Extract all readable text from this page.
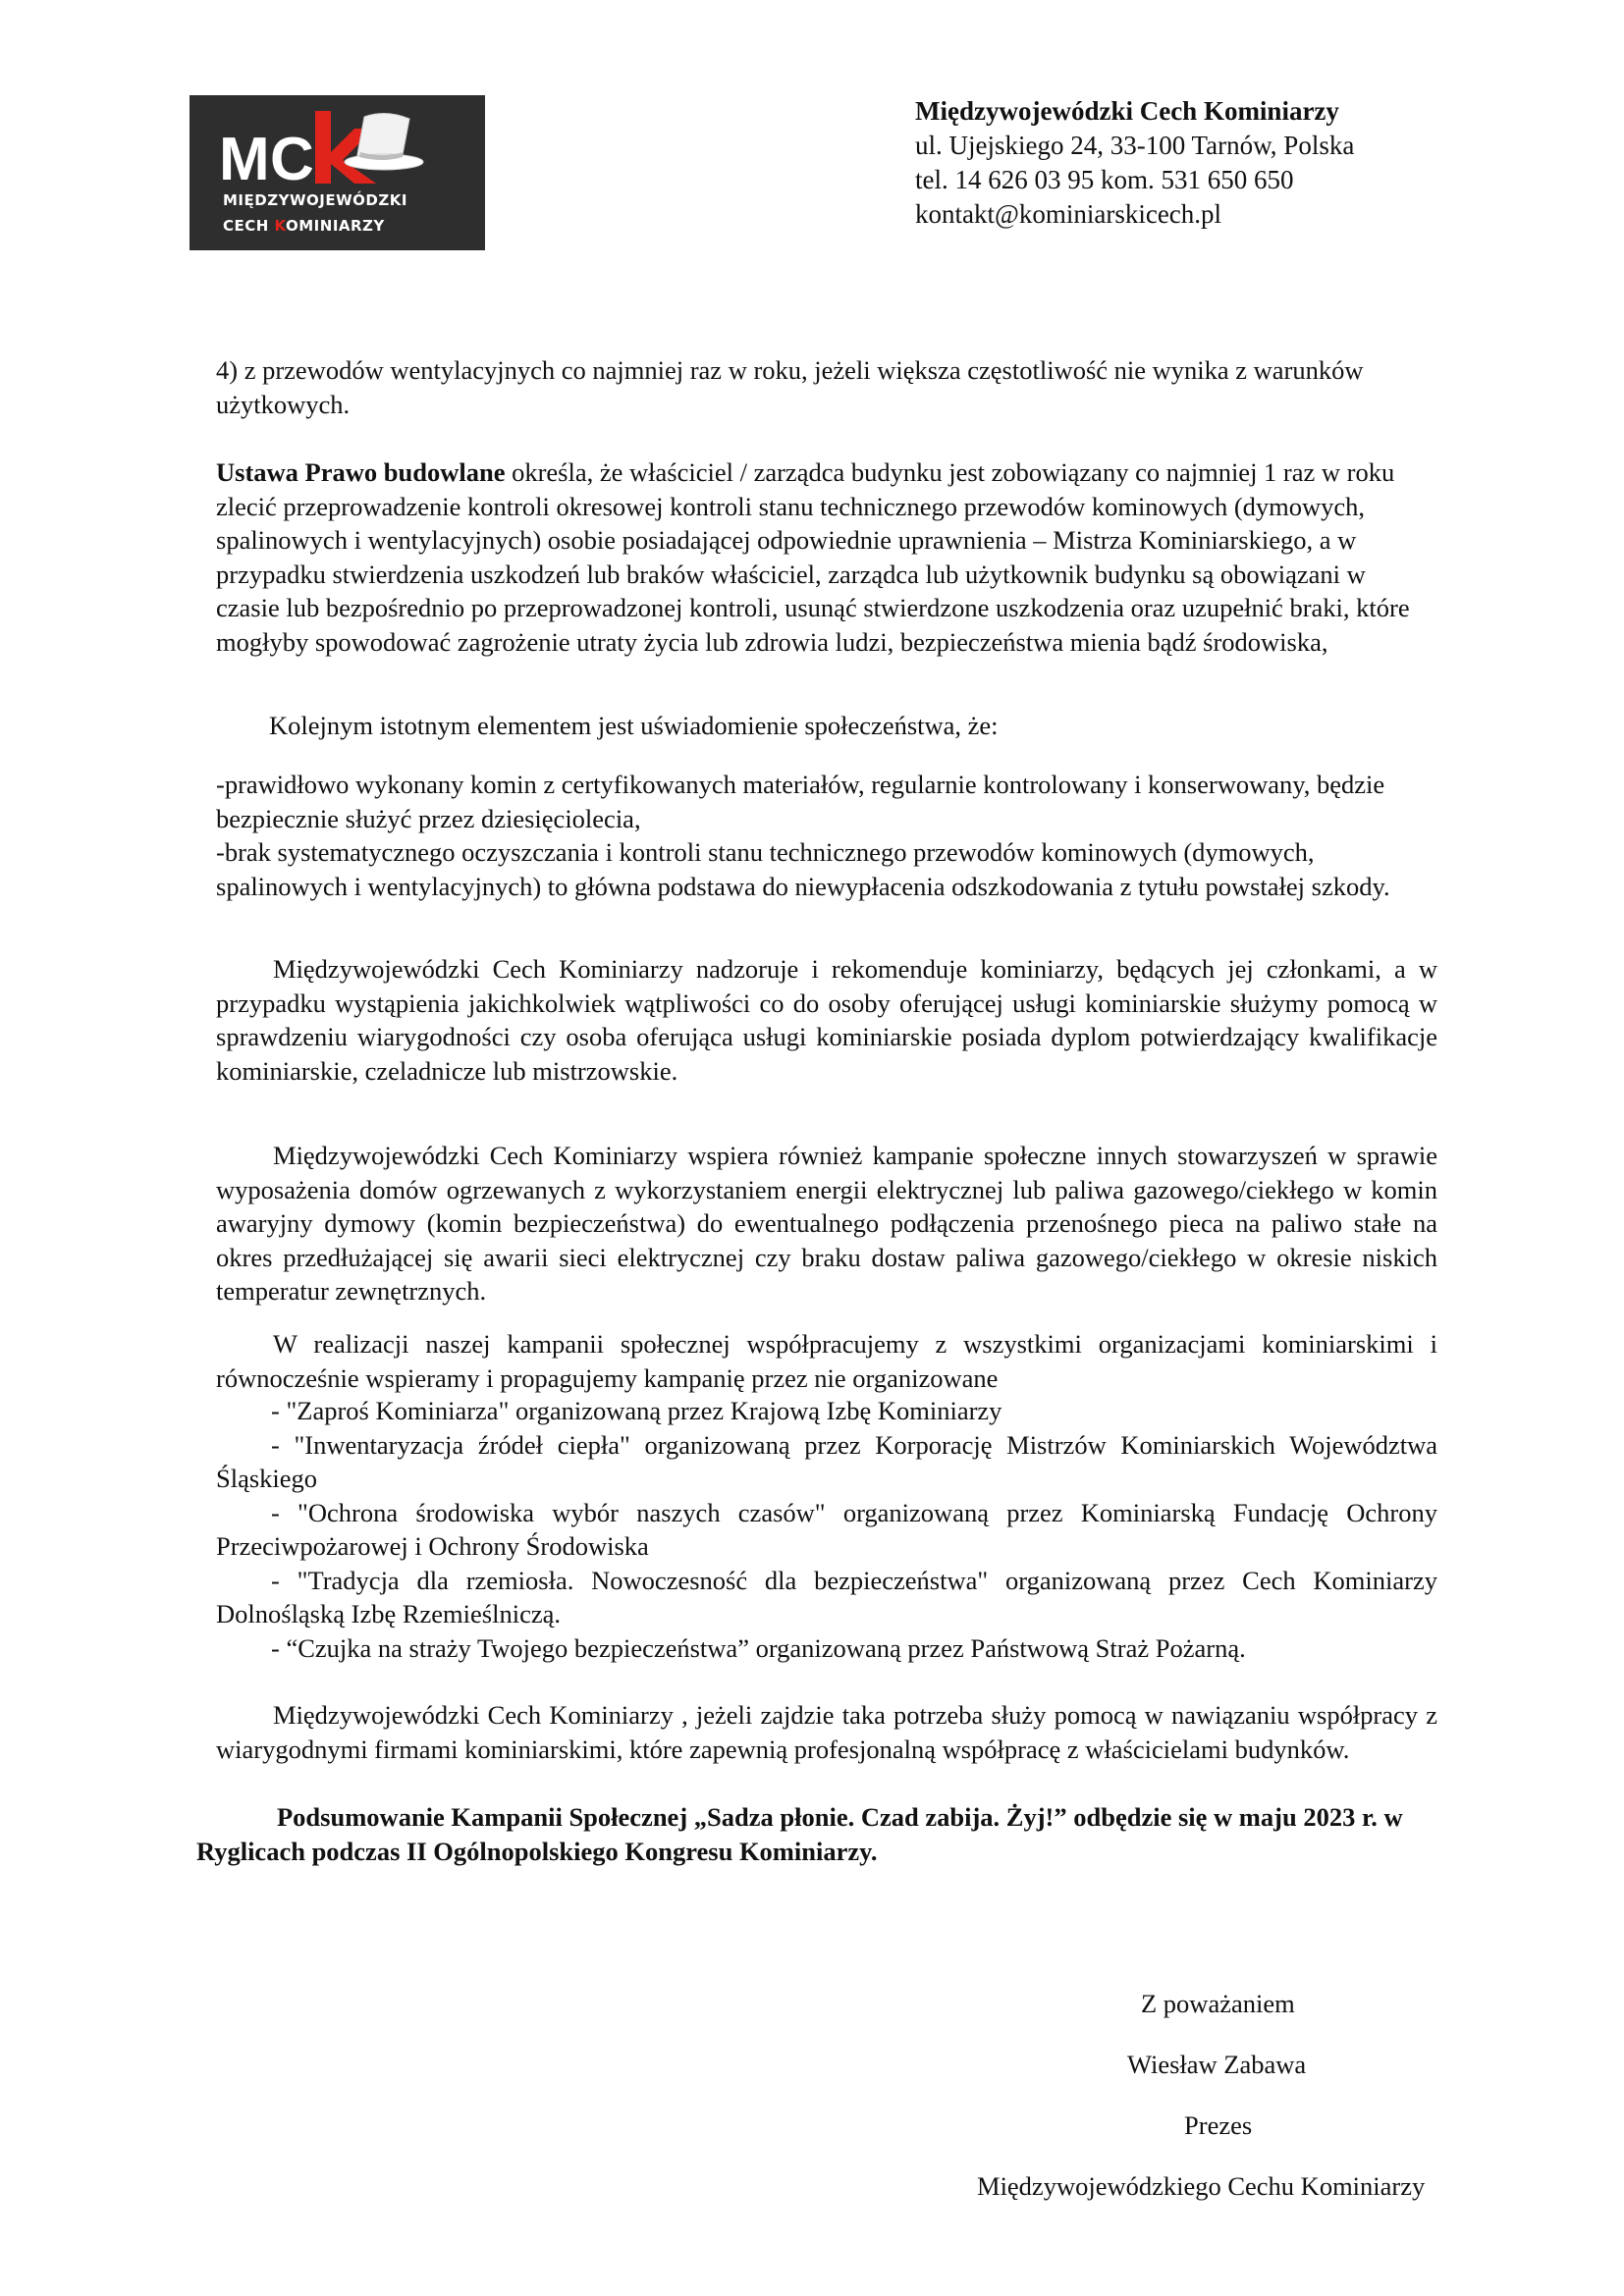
M C
MIĘDZYWOJEWÓDZKI
CECH KOMINIARZY
Międzywojewódzki Cech Kominiarzy
ul. Ujejskiego 24, 33-100 Tarnów, Polska
tel. 14 626 03 95 kom. 531 650 650
kontakt@kominiarskicech.pl

4) z przewodów wentylacyjnych co najmniej raz w roku, jeżeli większa częstotliwość nie wynika z warunków użytkowych.

Ustawa Prawo budowlane określa, że właściciel / zarządca budynku jest zobowiązany co najmniej 1 raz w roku zlecić przeprowadzenie kontroli okresowej kontroli stanu technicznego przewodów kominowych (dymowych, spalinowych i wentylacyjnych) osobie posiadającej odpowiednie uprawnienia – Mistrza Kominiarskiego, a w przypadku stwierdzenia uszkodzeń lub braków właściciel, zarządca lub użytkownik budynku są obowiązani w czasie lub bezpośrednio po przeprowadzonej kontroli, usunąć stwierdzone uszkodzenia oraz uzupełnić braki, które mogłyby spowodować zagrożenie utraty życia lub zdrowia ludzi, bezpieczeństwa mienia bądź środowiska,

Kolejnym istotnym elementem jest uświadomienie społeczeństwa, że:

-prawidłowo wykonany komin z certyfikowanych materiałów, regularnie kontrolowany i konserwowany, będzie bezpiecznie służyć przez dziesięciolecia,
-brak systematycznego oczyszczania i kontroli stanu technicznego przewodów kominowych (dymowych, spalinowych i wentylacyjnych) to główna podstawa do niewypłacenia odszkodowania z tytułu powstałej szkody.

Międzywojewódzki Cech Kominiarzy nadzoruje i rekomenduje kominiarzy, będących jej członkami, a w przypadku wystąpienia jakichkolwiek wątpliwości co do osoby oferującej usługi kominiarskie służymy pomocą w sprawdzeniu wiarygodności czy osoba oferująca usługi kominiarskie posiada dyplom potwierdzający kwalifikacje kominiarskie, czeladnicze lub mistrzowskie.

Międzywojewódzki Cech Kominiarzy wspiera również kampanie społeczne innych stowarzyszeń w sprawie wyposażenia domów ogrzewanych z wykorzystaniem energii elektrycznej lub paliwa gazowego/ciekłego w komin awaryjny dymowy (komin bezpieczeństwa) do ewentualnego podłączenia przenośnego pieca na paliwo stałe na okres przedłużającej się awarii sieci elektrycznej czy braku dostaw paliwa gazowego/ciekłego w okresie niskich temperatur zewnętrznych.

W realizacji naszej kampanii społecznej współpracujemy z wszystkimi organizacjami kominiarskimi i równocześnie wspieramy i propagujemy kampanię przez nie organizowane

- "Zaproś Kominiarza" organizowaną przez Krajową Izbę Kominiarzy
- "Inwentaryzacja źródeł ciepła" organizowaną przez Korporację Mistrzów Kominiarskich Województwa Śląskiego
- "Ochrona środowiska wybór naszych czasów" organizowaną przez Kominiarską Fundację Ochrony Przeciwpożarowej i Ochrony Środowiska
- "Tradycja dla rzemiosła. Nowoczesność dla bezpieczeństwa" organizowaną przez Cech Kominiarzy Dolnośląską Izbę Rzemieślniczą.
- “Czujka na straży Twojego bezpieczeństwa” organizowaną przez Państwową Straż Pożarną.

Międzywojewódzki Cech Kominiarzy , jeżeli zajdzie taka potrzeba służy pomocą w nawiązaniu współpracy z wiarygodnymi firmami kominiarskimi, które zapewnią profesjonalną współpracę z właścicielami budynków.

Podsumowanie Kampanii Społecznej „Sadza płonie. Czad zabija. Żyj!” odbędzie się w maju 2023 r. w Ryglicach podczas II Ogólnopolskiego Kongresu Kominiarzy.

Z poważaniem
Wiesław Zabawa
Prezes
Międzywojewódzkiego Cechu Kominiarzy
